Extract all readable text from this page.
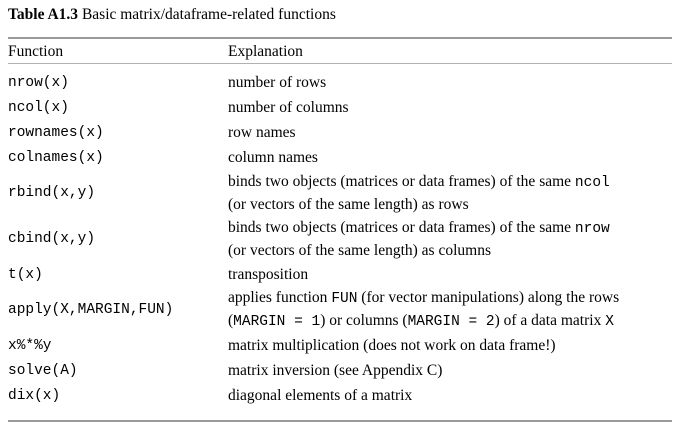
Table A1.3 Basic matrix/dataframe-related functions
Function	Explanation
nrow(x)	number of rows

ncol(x)	number of columns

rownames(x)	row names

colnames(x)	column names

rbind(x,y)	binds two objects (matrices or data frames) of the same ncol
(or vectors of the same length) as rows

cbind(x,y)	binds two objects (matrices or data frames) of the same nrow
(or vectors of the same length) as columns

t(x)	transposition

apply(X,MARGIN,FUN)	applies function FUN (for vector manipulations) along the rows
(MARGIN = 1) or columns (MARGIN = 2) of a data matrix X

x%*%y	matrix multiplication (does not work on data frame!)

solve(A)	matrix inversion (see Appendix C)

dix(x)	diagonal elements of a matrix
